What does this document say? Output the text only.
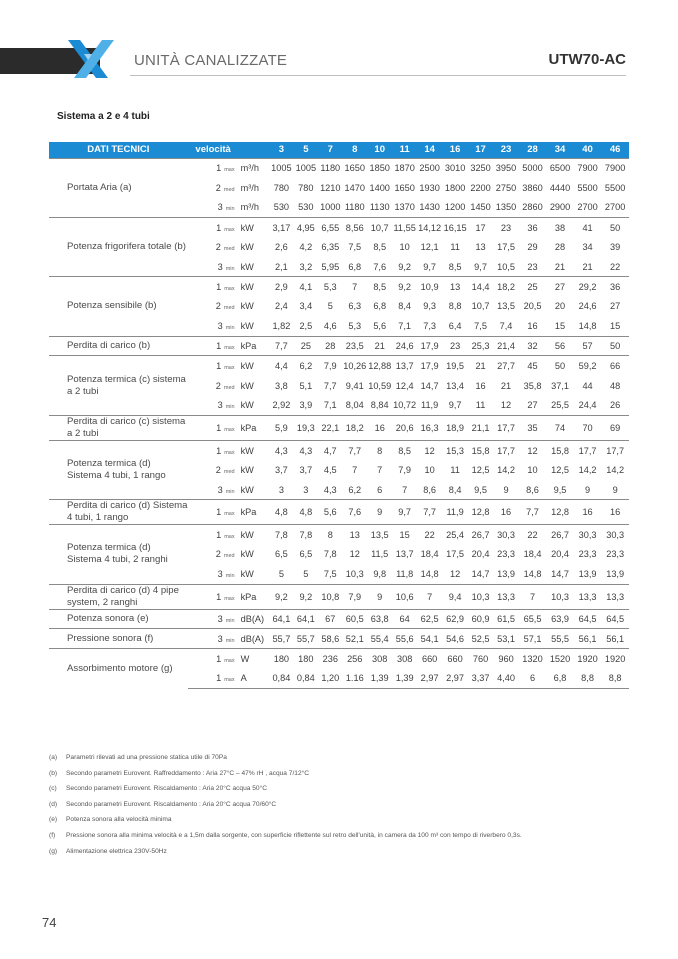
UNITÀ CANALIZZATE	UTW70-AC
Sistema a 2 e 4 tubi
DATI TECNICI	velocità		3	5	7	8	10	11	14	16	17	23	28	34	40	46
Portata Aria (a)	1 max	m³/h	1005	1005	1180	1650	1850	1870	2500	3010	3250	3950	5000	6500	7900	7900
	2 med	m³/h	780	780	1210	1470	1400	1650	1930	1800	2200	2750	3860	4440	5500	5500
	3 min	m³/h	530	530	1000	1180	1130	1370	1430	1200	1450	1350	2860	2900	2700	2700
Potenza frigorifera totale (b)	1 max	kW	3,17	4,95	6,55	8,56	10,7	11,55	14,12	16,15	17	23	36	38	41	50
	2 med	kW	2,6	4,2	6,35	7,5	8,5	10	12,1	11	13	17,5	29	28	34	39
	3 min	kW	2,1	3,2	5,95	6,8	7,6	9,2	9,7	8,5	9,7	10,5	23	21	21	22
Potenza sensibile (b)	1 max	kW	2,9	4,1	5,3	7	8,5	9,2	10,9	13	14,4	18,2	25	27	29,2	36
	2 med	kW	2,4	3,4	5	6,3	6,8	8,4	9,3	8,8	10,7	13,5	20,5	20	24,6	27
	3 min	kW	1,82	2,5	4,6	5,3	5,6	7,1	7,3	6,4	7,5	7,4	16	15	14,8	15
Perdita di carico (b)	1 max	kPa	7,7	25	28	23,5	21	24,6	17,9	23	25,3	21,4	32	56	57	50
Potenza termica (c) sistema a 2 tubi	1 max	kW	4,4	6,2	7,9	10,26	12,88	13,7	17,9	19,5	21	27,7	45	50	59,2	66
	2 med	kW	3,8	5,1	7,7	9,41	10,59	12,4	14,7	13,4	16	21	35,8	37,1	44	48
	3 min	kW	2,92	3,9	7,1	8,04	8,84	10,72	11,9	9,7	11	12	27	25,5	24,4	26
Perdita di carico (c) sistema a 2 tubi	1 max	kPa	5,9	19,3	22,1	18,2	16	20,6	16,3	18,9	21,1	17,7	35	74	70	69
Potenza termica (d) Sistema 4 tubi, 1 rango	1 max	kW	4,3	4,3	4,7	7,7	8	8,5	12	15,3	15,8	17,7	12	15,8	17,7	17,7
	2 med	kW	3,7	3,7	4,5	7	7	7,9	10	11	12,5	14,2	10	12,5	14,2	14,2
	3 min	kW	3	3	4,3	6,2	6	7	8,6	8,4	9,5	9	8,6	9,5	9	9
Perdita di carico (d) Sistema 4 tubi, 1 rango	1 max	kPa	4,8	4,8	5,6	7,6	9	9,7	7,7	11,9	12,8	16	7,7	12,8	16	16
Potenza termica (d) Sistema 4 tubi, 2 ranghi	1 max	kW	7,8	7,8	8	13	13,5	15	22	25,4	26,7	30,3	22	26,7	30,3	30,3
	2 med	kW	6,5	6,5	7,8	12	11,5	13,7	18,4	17,5	20,4	23,3	18,4	20,4	23,3	23,3
	3 min	kW	5	5	7,5	10,3	9,8	11,8	14,8	12	14,7	13,9	14,8	14,7	13,9	13,9
Perdita di carico (d) 4 pipe system, 2 ranghi	1 max	kPa	9,2	9,2	10,8	7,9	9	10,6	7	9,4	10,3	13,3	7	10,3	13,3	13,3
Potenza sonora (e)	3 min	dB(A)	64,1	64,1	67	60,5	63,8	64	62,5	62,9	60,9	61,5	65,5	63,9	64,5	64,5
Pressione sonora (f)	3 min	dB(A)	55,7	55,7	58,6	52,1	55,4	55,6	54,1	54,6	52,5	53,1	57,1	55,5	56,1	56,1
Assorbimento motore (g)	1 max	W	180	180	236	256	308	308	660	660	760	960	1320	1520	1920	1920
	1 max	A	0,84	0,84	1,20	1.16	1,39	1,39	2,97	2,97	3,37	4,40	6	6,8	8,8	8,8
(a)	Parametri rilevati ad una pressione statica utile di 70Pa
(b)	Secondo parametri Eurovent. Raffreddamento : Aria 27°C – 47% rH , acqua 7/12°C
(c)	Secondo parametri Eurovent. Riscaldamento : Aria 20°C acqua 50°C
(d)	Secondo parametri Eurovent. Riscaldamento : Aria 20°C acqua 70/60°C
(e)	Potenza sonora alla velocità minima
(f)	Pressione sonora alla minima velocità e a 1,5m dalla sorgente, con superficie riflettente sul retro dell'unità, in camera da 100 m³ con tempo di riverbero 0,3s.
(g)	Alimentazione elettrica 230V-50Hz
74
